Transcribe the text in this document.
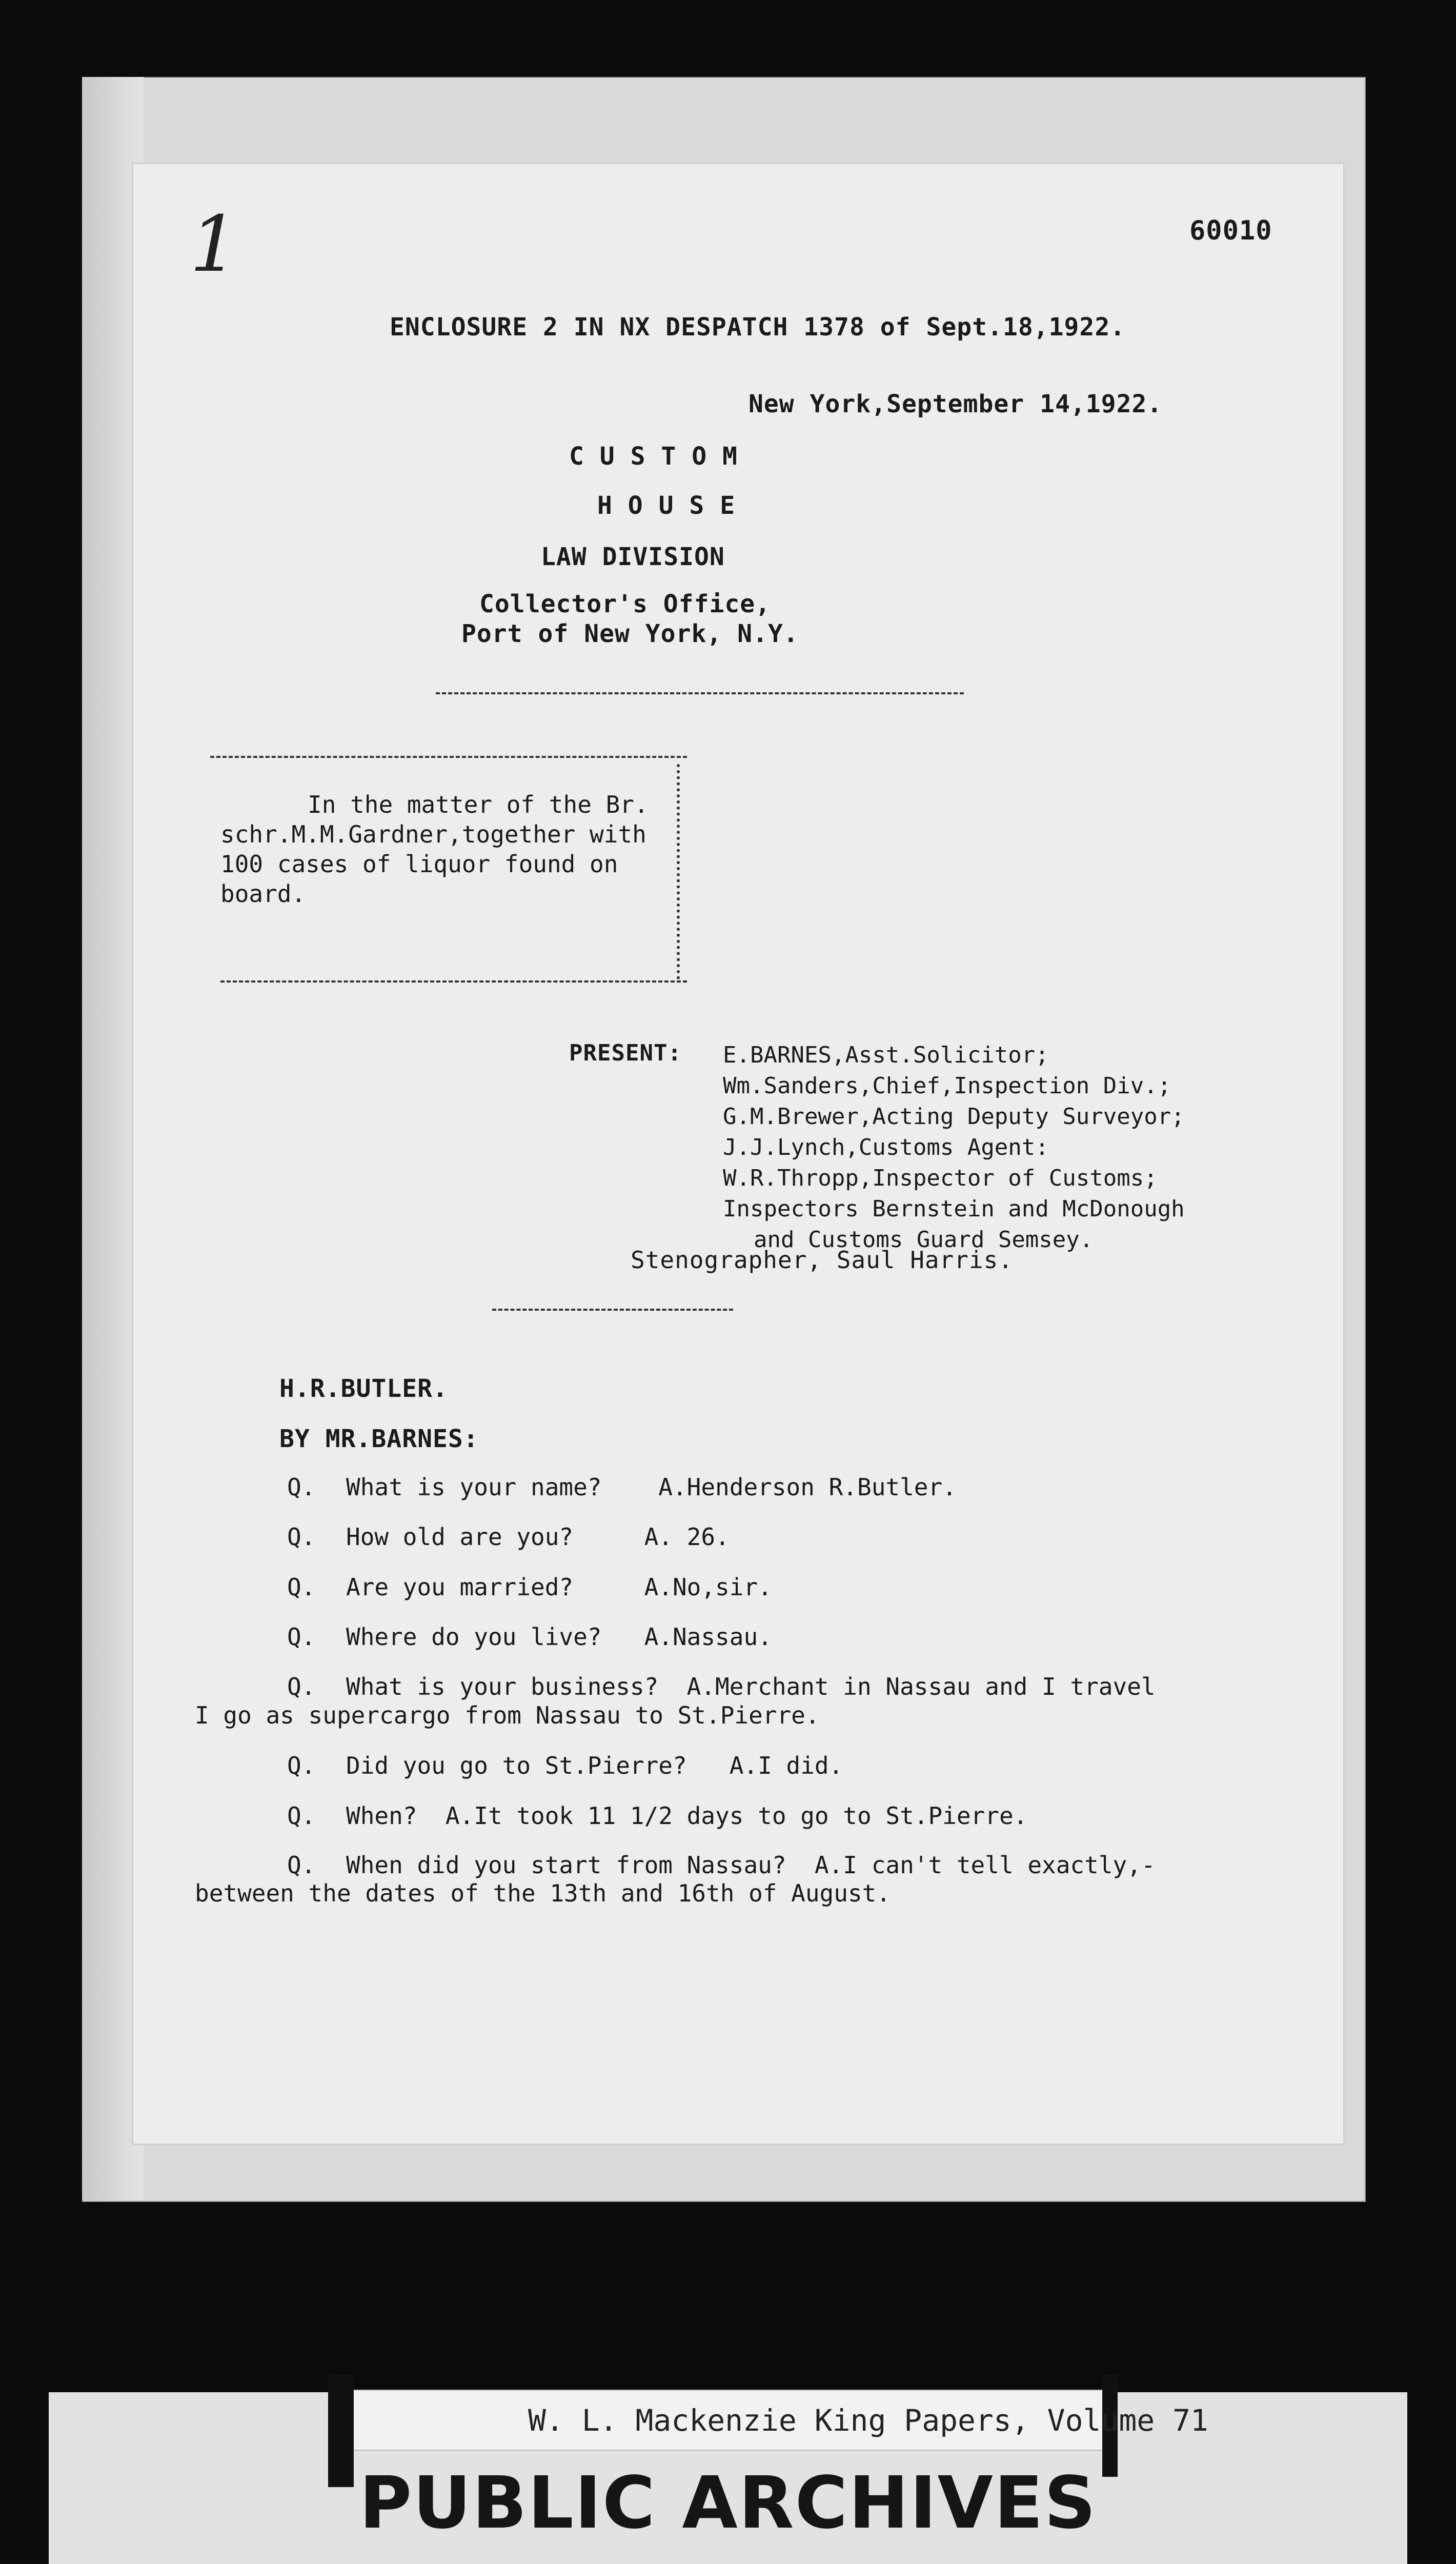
1	60010
ENCLOSURE 2 IN NX DESPATCH 1378 of Sept.18,1922.
New York,September 14,1922.
C U S T O M
H O U S E
LAW DIVISION
Collector's Office,
Port of New York, N.Y.
In the matter of the Br. schr.M.M.Gardner,together with 100 cases of liquor found on board.
PRESENT: E.BARNES,Asst.Solicitor;
Wm.Sanders,Chief,Inspection Div.;
G.M.Brewer,Acting Deputy Surveyor;
J.J.Lynch,Customs Agent:
W.R.Thropp,Inspector of Customs;
Inspectors Bernstein and McDonough
and Customs Guard Semsey.
Stenographer, Saul Harris.
H.R.BUTLER.
BY MR.BARNES:
Q. What is your name?    A.Henderson R.Butler.
Q. How old are you?     A. 26.
Q. Are you married?     A.No,sir.
Q. Where do you live?   A.Nassau.
Q. What is your business?  A.Merchant in Nassau and I travel
I go as supercargo from Nassau to St.Pierre.
Q. Did you go to St.Pierre?   A.I did.
Q. When?  A.It took 11 1/2 days to go to St.Pierre.
Q. When did you start from Nassau?  A.I can't tell exactly,-
between the dates of the 13th and 16th of August.
W. L. Mackenzie King Papers, Volume 71
PUBLIC ARCHIVES
